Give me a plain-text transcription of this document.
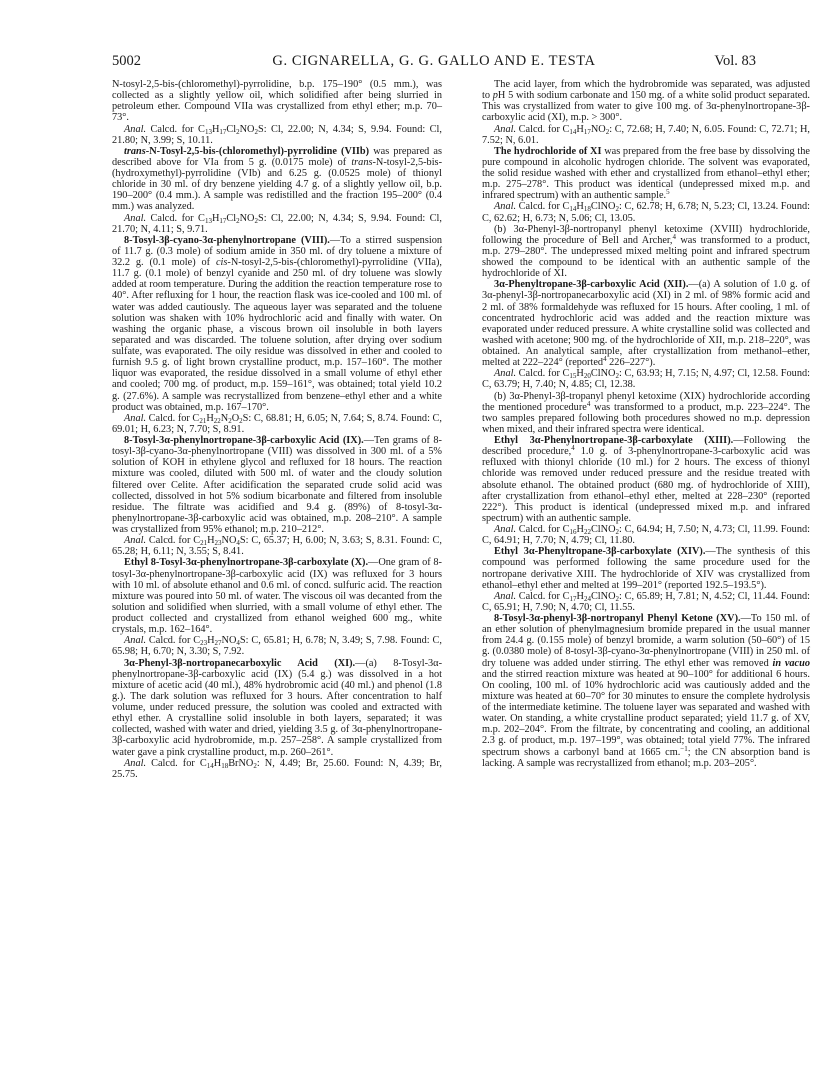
5002	G. CIGNARELLA, G. G. GALLO AND E. TESTA	Vol. 83

N-tosyl-2,5-bis-(chloromethyl)-pyrrolidine, b.p. 175–190° (0.5 mm.), was collected as a slightly yellow oil, which solidified after being slurried in petroleum ether. Compound VIIa was crystallized from ethyl ether; m.p. 70–73°.

Anal. Calcd. for $C_{13}H_{17}Cl_2NO_2S$: Cl, 22.00; N, 4.34; S, 9.94. Found: Cl, 21.80; N, 3.99; S, 10.11.

trans-N-Tosyl-2,5-bis-(chloromethyl)-pyrrolidine (VIIb) was prepared as described above for VIa from 5 g. (0.0175 mole) of trans-N-tosyl-2,5-bis-(hydroxymethyl)-pyrrolidine (VIb) and 6.25 g. (0.0525 mole) of thionyl chloride in 30 ml. of dry benzene yielding 4.7 g. of a slightly yellow oil, b.p. 190–200° (0.4 mm.). A sample was redistilled and the fraction 195–200° (0.4 mm.) was analyzed.

Anal. Calcd. for $C_{13}H_{17}Cl_2NO_2S$: Cl, 22.00; N, 4.34; S, 9.94. Found: Cl, 21.70; N, 4.11; S, 9.71.

8-Tosyl-3β-cyano-3α-phenylnortropane (VIII).—To a stirred suspension of 11.7 g. (0.3 mole) of sodium amide in 350 ml. of dry toluene a mixture of 32.2 g. (0.1 mole) of cis-N-tosyl-2,5-bis-(chloromethyl)-pyrrolidine (VIIa), 11.7 g. (0.1 mole) of benzyl cyanide and 250 ml. of dry toluene was slowly added at room temperature. During the addition the reaction temperature rose to 40°. After refluxing for 1 hour, the reaction flask was ice-cooled and 100 ml. of water was added cautiously. The aqueous layer was separated and the toluene solution was shaken with 10% hydrochloric acid and finally with water. On washing the organic phase, a viscous brown oil insoluble in both layers separated and was discarded. The toluene solution, after drying over sodium sulfate, was evaporated. The oily residue was dissolved in ether and cooled to furnish 9.5 g. of light brown crystalline product, m.p. 157–160°. The mother liquor was evaporated, the residue dissolved in a small volume of ethyl ether and cooled; 700 mg. of product, m.p. 159–161°, was obtained; total yield 10.2 g. (27.6%). A sample was recrystallized from benzene–ethyl ether and a white product was obtained, m.p. 167–170°.

Anal. Calcd. for $C_{21}H_{22}N_2O_2S$: C, 68.81; H, 6.05; N, 7.64; S, 8.74. Found: C, 69.01; H, 6.23; N, 7.70; S, 8.91.

8-Tosyl-3α-phenylnortropane-3β-carboxylic Acid (IX).—Ten grams of 8-tosyl-3β-cyano-3α-phenylnortropane (VIII) was dissolved in 300 ml. of a 5% solution of KOH in ethylene glycol and refluxed for 18 hours. The reaction mixture was cooled, diluted with 500 ml. of water and the cloudy solution filtered over Celite. After acidification the separated crude solid acid was collected, dissolved in hot 5% sodium bicarbonate and filtered from insoluble residue. The filtrate was acidified and 9.4 g. (89%) of 8-tosyl-3α-phenylnortropane-3β-carboxylic acid was obtained, m.p. 208–210°. A sample was crystallized from 95% ethanol; m.p. 210–212°.

Anal. Calcd. for $C_{21}H_{23}NO_4S$: C, 65.37; H, 6.00; N, 3.63; S, 8.31. Found: C, 65.28; H, 6.11; N, 3.55; S, 8.41.

Ethyl 8-Tosyl-3α-phenylnortropane-3β-carboxylate (X).—One gram of 8-tosyl-3α-phenylnortropane-3β-carboxylic acid (IX) was refluxed for 3 hours with 10 ml. of absolute ethanol and 0.6 ml. of concd. sulfuric acid. The reaction mixture was poured into 50 ml. of water. The viscous oil was decanted from the solution and solidified when slurried, with a small volume of ethyl ether. The product collected and crystallized from ethanol weighed 600 mg., white crystals, m.p. 162–164°.

Anal. Calcd. for $C_{23}H_{27}NO_4S$: C, 65.81; H, 6.78; N, 3.49; S, 7.98. Found: C, 65.98; H, 6.70; N, 3.30; S, 7.92.

3α-Phenyl-3β-nortropanecarboxylic Acid (XI).—(a) 8-Tosyl-3α-phenylnortropane-3β-carboxylic acid (IX) (5.4 g.) was dissolved in a hot mixture of acetic acid (40 ml.), 48% hydrobromic acid (40 ml.) and phenol (1.8 g.). The dark solution was refluxed for 3 hours. After concentration to half volume, under reduced pressure, the solution was cooled and extracted with ethyl ether. A crystalline solid insoluble in both layers, separated; it was collected, washed with water and dried, yielding 3.5 g. of 3α-phenylnortropane-3β-carboxylic acid hydrobromide, m.p. 257–258°. A sample crystallized from water gave a pink crystalline product, m.p. 260–261°.

Anal. Calcd. for $C_{14}H_{18}BrNO_2$: N, 4.49; Br, 25.60. Found: N, 4.39; Br, 25.75.

The acid layer, from which the hydrobromide was separated, was adjusted to pH 5 with sodium carbonate and 150 mg. of a white solid product separated. This was crystallized from water to give 100 mg. of 3α-phenylnortropane-3β-carboxylic acid (XI), m.p. > 300°.

Anal. Calcd. for $C_{14}H_{17}NO_2$: C, 72.68; H, 7.40; N, 6.05. Found: C, 72.71; H, 7.52; N, 6.01.

The hydrochloride of XI was prepared from the free base by dissolving the pure compound in alcoholic hydrogen chloride. The solvent was evaporated, the solid residue washed with ether and crystallized from ethanol–ethyl ether; m.p. 275–278°. This product was identical (undepressed mixed m.p. and infrared spectrum) with an authentic sample.$^5$

Anal. Calcd. for $C_{14}H_{18}ClNO_2$: C, 62.78; H, 6.78; N, 5.23; Cl, 13.24. Found: C, 62.62; H, 6.73; N, 5.06; Cl, 13.05.

(b) 3α-Phenyl-3β-nortropanyl phenyl ketoxime (XVIII) hydrochloride, following the procedure of Bell and Archer,$^4$ was transformed to a product, m.p. 279–280°. The undepressed mixed melting point and infrared spectrum showed the compound to be identical with an authentic sample of the hydrochloride of XI.

3α-Phenyltropane-3β-carboxylic Acid (XII).—(a) A solution of 1.0 g. of 3α-phenyl-3β-nortropanecarboxylic acid (XI) in 2 ml. of 98% formic acid and 2 ml. of 38% formaldehyde was refluxed for 15 hours. After cooling, 1 ml. of concentrated hydrochloric acid was added and the reaction mixture was evaporated under reduced pressure. A white crystalline solid was collected and washed with acetone; 900 mg. of the hydrochloride of XII, m.p. 218–220°, was obtained. An analytical sample, after crystallization from methanol–ether, melted at 222–224° (reported$^4$ 226–227°).

Anal. Calcd. for $C_{15}H_{20}ClNO_2$: C, 63.93; H, 7.15; N, 4.97; Cl, 12.58. Found: C, 63.79; H, 7.40; N, 4.85; Cl, 12.38.

(b) 3α-Phenyl-3β-tropanyl phenyl ketoxime (XIX) hydrochloride according the mentioned procedure$^4$ was transformed to a product, m.p. 223–224°. The two samples prepared following both procedures showed no m.p. depression when mixed, and their infrared spectra were identical.

Ethyl 3α-Phenylnortropane-3β-carboxylate (XIII).—Following the described procedure,$^4$ 1.0 g. of 3-phenylnortropane-3-carboxylic acid was refluxed with thionyl chloride (10 ml.) for 2 hours. The excess of thionyl chloride was removed under reduced pressure and the residue treated with absolute ethanol. The obtained product (680 mg. of hydrochloride of XIII), after crystallization from ethanol–ethyl ether, melted at 228–230° (reported 222°). This product is identical (undepressed mixed m.p. and infrared spectrum) with an authentic sample.

Anal. Calcd. for $C_{16}H_{22}ClNO_2$: C, 64.94; H, 7.50; N, 4.73; Cl, 11.99. Found: C, 64.91; H, 7.70; N, 4.79; Cl, 11.80.

Ethyl 3α-Phenyltropane-3β-carboxylate (XIV).—The synthesis of this compound was performed following the same procedure used for the nortropane derivative XIII. The hydrochloride of XIV was crystallized from ethanol–ethyl ether and melted at 199–201° (reported 192.5–193.5°).

Anal. Calcd. for $C_{17}H_{24}ClNO_2$: C, 65.89; H, 7.81; N, 4.52; Cl, 11.44. Found: C, 65.91; H, 7.90; N, 4.70; Cl, 11.55.

8-Tosyl-3α-phenyl-3β-nortropanyl Phenyl Ketone (XV).—To 150 ml. of an ether solution of phenylmagnesium bromide prepared in the usual manner from 24.4 g. (0.155 mole) of benzyl bromide, a warm solution (50–60°) of 15 g. (0.0380 mole) of 8-tosyl-3β-cyano-3α-phenylnortropane (VIII) in 250 ml. of dry toluene was added under stirring. The ethyl ether was removed in vacuo and the stirred reaction mixture was heated at 90–100° for additional 6 hours. On cooling, 100 ml. of 10% hydrochloric acid was cautiously added and the mixture was heated at 60–70° for 30 minutes to ensure the complete hydrolysis of the intermediate ketimine. The toluene layer was separated and washed with water. On standing, a white crystalline product separated; yield 11.7 g. of XV, m.p. 202–204°. From the filtrate, by concentrating and cooling, an additional 2.3 g. of product, m.p. 197–199°, was obtained; total yield 77%. The infrared spectrum shows a carbonyl band at 1665 cm.$^{-1}$; the CN absorption band is lacking. A sample was recrystallized from ethanol; m.p. 203–205°.
